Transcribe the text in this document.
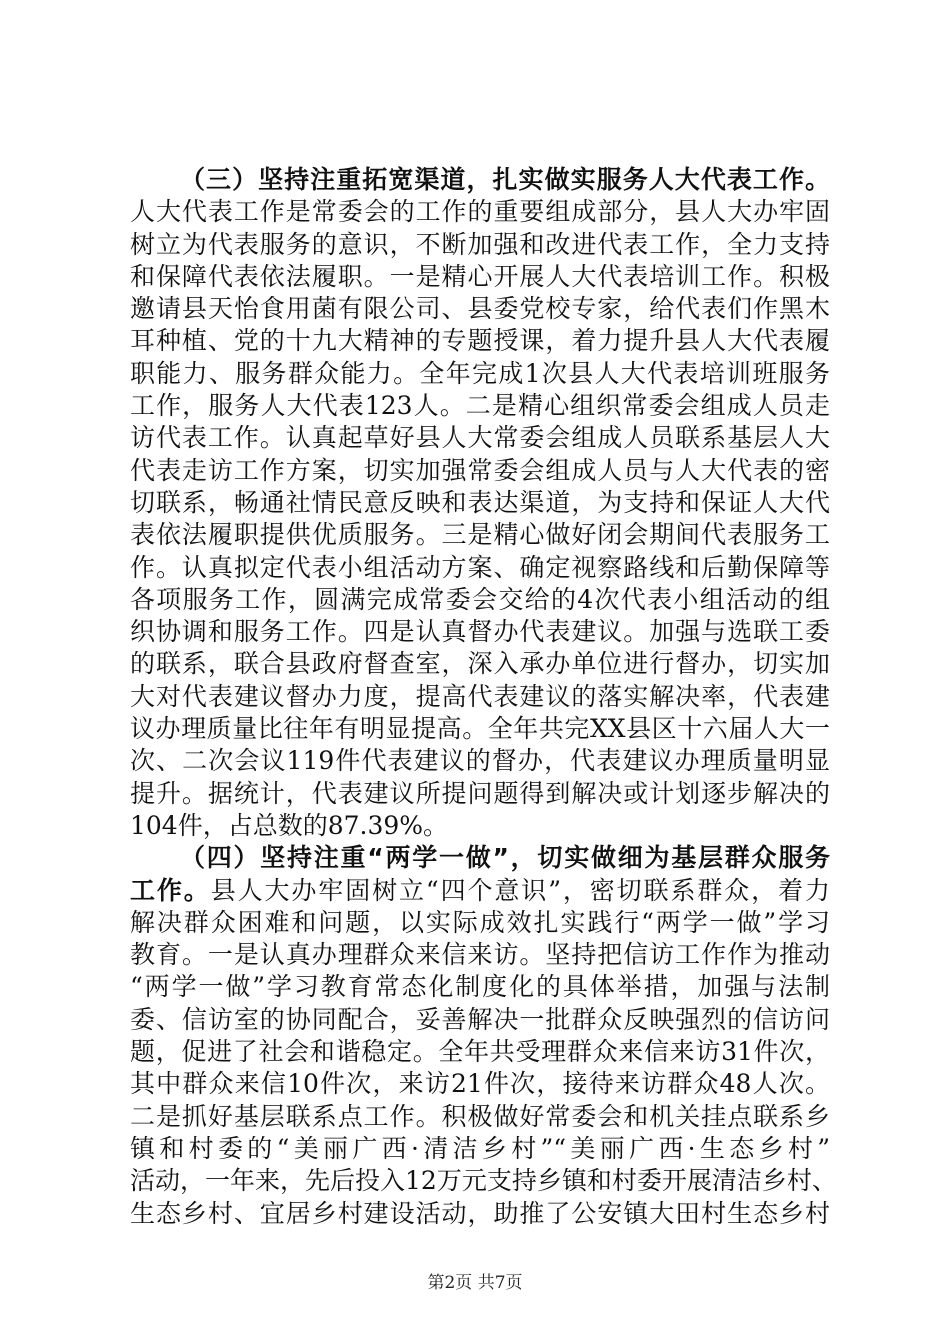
（三）坚持注重拓宽渠道，扎实做实服务人大代表工作。
人大代表工作是常委会的工作的重要组成部分，县人大办牢固
树立为代表服务的意识，不断加强和改进代表工作，全力支持
和保障代表依法履职。一是精心开展人大代表培训工作。积极
邀请县天怡食用菌有限公司、县委党校专家，给代表们作黑木
耳种植、党的十九大精神的专题授课，着力提升县人大代表履
职能力、服务群众能力。全年完成1次县人大代表培训班服务
工作，服务人大代表123人。二是精心组织常委会组成人员走
访代表工作。认真起草好县人大常委会组成人员联系基层人大
代表走访工作方案，切实加强常委会组成人员与人大代表的密
切联系，畅通社情民意反映和表达渠道，为支持和保证人大代
表依法履职提供优质服务。三是精心做好闭会期间代表服务工
作。认真拟定代表小组活动方案、确定视察路线和后勤保障等
各项服务工作，圆满完成常委会交给的4次代表小组活动的组
织协调和服务工作。四是认真督办代表建议。加强与选联工委
的联系，联合县政府督查室，深入承办单位进行督办，切实加
大对代表建议督办力度，提高代表建议的落实解决率，代表建
议办理质量比往年有明显提高。全年共完XX县区十六届人大一
次、二次会议119件代表建议的督办，代表建议办理质量明显
提升。据统计，代表建议所提问题得到解决或计划逐步解决的
104件，占总数的87.39%。
（四）坚持注重“两学一做”，切实做细为基层群众服务
工作。县人大办牢固树立“四个意识”，密切联系群众，着力
解决群众困难和问题，以实际成效扎实践行“两学一做”学习
教育。一是认真办理群众来信来访。坚持把信访工作作为推动
“两学一做”学习教育常态化制度化的具体举措，加强与法制
委、信访室的协同配合，妥善解决一批群众反映强烈的信访问
题，促进了社会和谐稳定。全年共受理群众来信来访31件次，
其中群众来信10件次，来访21件次，接待来访群众48人次。
二是抓好基层联系点工作。积极做好常委会和机关挂点联系乡
镇和村委的“美丽广西·清洁乡村”“美丽广西·生态乡村”
活动，一年来，先后投入12万元支持乡镇和村委开展清洁乡村、
生态乡村、宜居乡村建设活动，助推了公安镇大田村生态乡村
第2页 共7页
